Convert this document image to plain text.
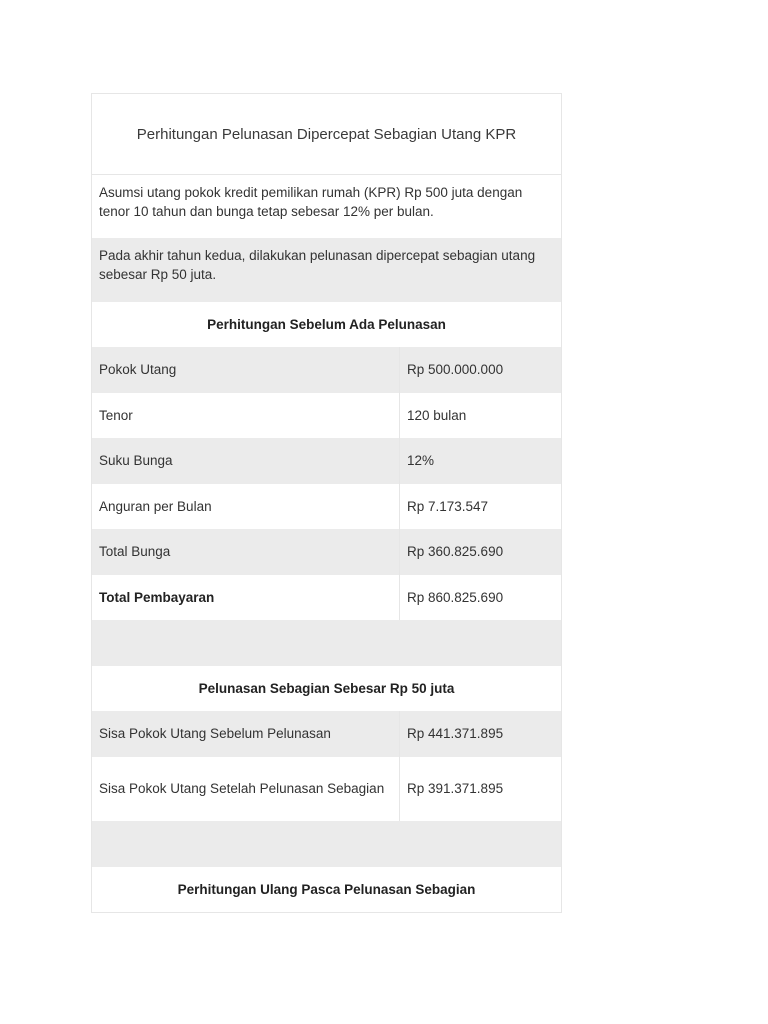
Perhitungan Pelunasan Dipercepat Sebagian Utang KPR
Asumsi utang pokok kredit pemilikan rumah (KPR) Rp 500 juta dengan tenor 10 tahun dan bunga tetap sebesar 12% per bulan.
Pada akhir tahun kedua, dilakukan pelunasan dipercepat sebagian utang sebesar Rp 50 juta.
Perhitungan Sebelum Ada Pelunasan
Pokok Utang	Rp 500.000.000
Tenor	120 bulan
Suku Bunga	12%
Anguran per Bulan	Rp 7.173.547
Total Bunga	Rp 360.825.690
Total Pembayaran	Rp 860.825.690
Pelunasan Sebagian Sebesar Rp 50 juta
Sisa Pokok Utang Sebelum Pelunasan	Rp 441.371.895
Sisa Pokok Utang Setelah Pelunasan Sebagian	Rp 391.371.895
Perhitungan Ulang Pasca Pelunasan Sebagian
